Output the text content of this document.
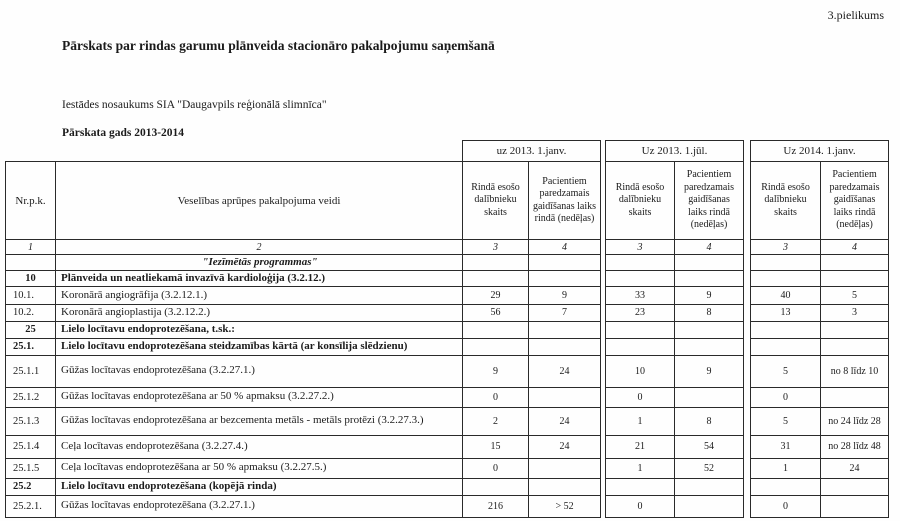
3.pielikums
Pārskats par rindas garumu plānveida stacionāro pakalpojumu saņemšanā
Iestādes nosaukums SIA "Daugavpils reģionālā slimnīca"
Pārskata gads 2013-2014
		uz 2013. 1.janv.			Uz 2013. 1.jūl.			Uz 2014. 1.janv.	
Nr.p.k.	Veselības aprūpes pakalpojuma veidi	Rindā esošo dalībnieku skaits	Pacientiem paredzamais gaidīšanas laiks rindā (nedēļas)		Rindā esošo dalībnieku skaits	Pacientiem paredzamais gaidīšanas laiks rindā (nedēļas)		Rindā esošo dalībnieku skaits	Pacientiem paredzamais gaidīšanas laiks rindā (nedēļas)
1	2	3	4		3	4		3	4
	"Iezīmētās programmas"								
10	Plānveida un neatliekamā invazīvā kardioloģija (3.2.12.)								
10.1.	Koronārā angiogrāfija (3.2.12.1.)	29	9		33	9		40	5
10.2.	Koronārā angioplastija (3.2.12.2.)	56	7		23	8		13	3
25	Lielo locītavu endoprotezēšana, t.sk.:								
25.1.	Lielo locītavu endoprotezēšana steidzamības kārtā (ar konsīlija slēdzienu)								
25.1.1	Gūžas locītavas endoprotezēšana (3.2.27.1.)	9	24		10	9		5	no 8 līdz 10
25.1.2	Gūžas locītavas endoprotezēšana ar 50 % apmaksu (3.2.27.2.)	0			0			0	
25.1.3	Gūžas locītavas endoprotezēšana ar bezcementa metāls - metāls protēzi (3.2.27.3.)	2	24		1	8		5	no 24 līdz 28
25.1.4	Ceļa locītavas endoprotezēšana (3.2.27.4.)	15	24		21	54		31	no 28 līdz 48
25.1.5	Ceļa locītavas endoprotezēšana ar 50 % apmaksu (3.2.27.5.)	0			1	52		1	24
25.2	Lielo locītavu endoprotezēšana (kopējā rinda)								
25.2.1.	Gūžas locītavas endoprotezēšana (3.2.27.1.)	216	> 52		0			0	
